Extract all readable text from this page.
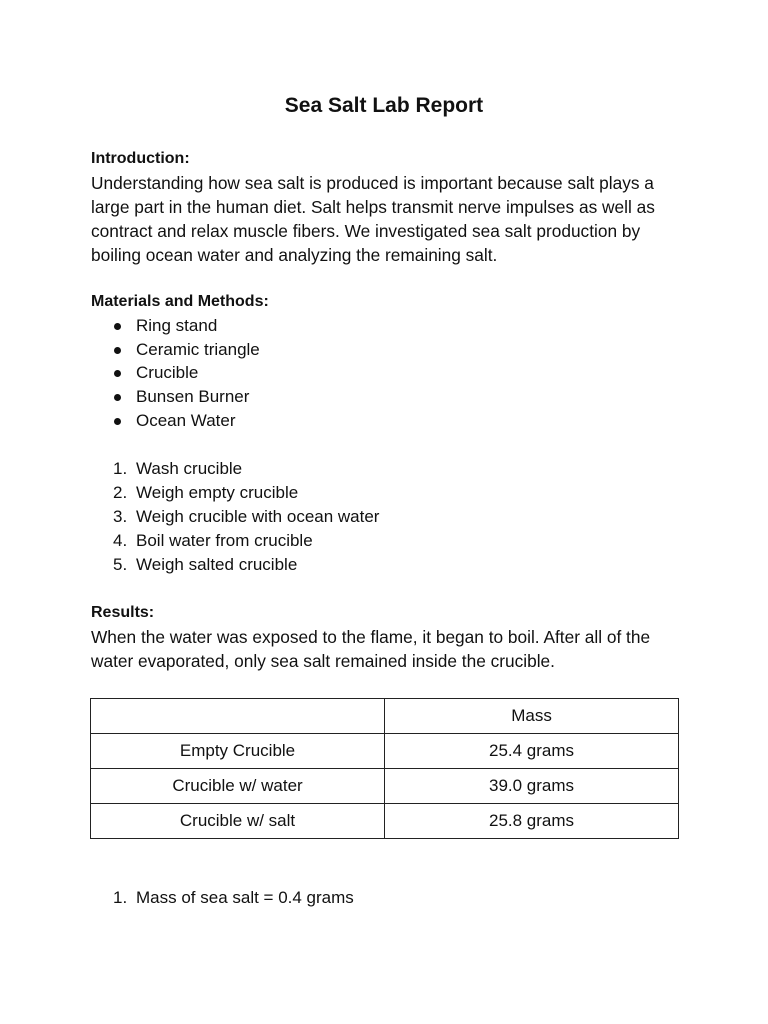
Sea Salt Lab Report
Introduction:
Understanding how sea salt is produced is important because salt plays a
large part in the human diet. Salt helps transmit nerve impulses as well as
contract and relax muscle fibers. We investigated sea salt production by
boiling ocean water and analyzing the remaining salt.
Materials and Methods:
Ring stand
Ceramic triangle
Crucible
Bunsen Burner
Ocean Water
1. Wash crucible
2. Weigh empty crucible
3. Weigh crucible with ocean water
4. Boil water from crucible
5. Weigh salted crucible
Results:
When the water was exposed to the flame, it began to boil. After all of the
water evaporated, only sea salt remained inside the crucible.
	Mass
Empty Crucible	25.4 grams
Crucible w/ water	39.0 grams
Crucible w/ salt	25.8 grams
1. Mass of sea salt = 0.4 grams
